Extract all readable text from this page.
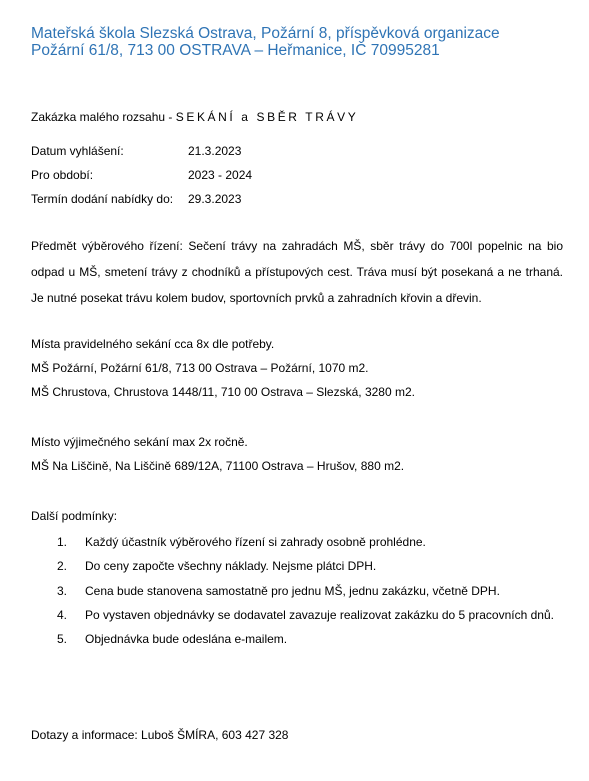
Mateřská škola Slezská Ostrava, Požární 8, příspěvková organizace
Požární 61/8, 713 00 OSTRAVA – Heřmanice, IČ 70995281
Zakázka malého rozsahu - SEKÁNÍ a SBĚR TRÁVY
Datum vyhlášení:	21.3.2023
Pro období:	2023 - 2024
Termín dodání nabídky do: 29.3.2023
Předmět výběrového řízení: Sečení trávy na zahradách MŠ, sběr trávy do 700l popelnic na bio odpad u MŠ, smetení trávy z chodníků a přístupových cest. Tráva musí být posekaná a ne trhaná. Je nutné posekat trávu kolem budov, sportovních prvků a zahradních křovin a dřevin.
Místa pravidelného sekání cca 8x dle potřeby.
MŠ Požární, Požární 61/8, 713 00 Ostrava – Požární, 1070 m2.
MŠ Chrustova, Chrustova 1448/11, 710 00 Ostrava – Slezská, 3280 m2.
Místo výjimečného sekání max 2x ročně.
MŠ Na Liščině, Na Liščině 689/12A, 71100 Ostrava – Hrušov, 880 m2.
Další podmínky:
1. Každý účastník výběrového řízení si zahrady osobně prohlédne.
2. Do ceny započte všechny náklady. Nejsme plátci DPH.
3. Cena bude stanovena samostatně pro jednu MŠ, jednu zakázku, včetně DPH.
4. Po vystaven objednávky se dodavatel zavazuje realizovat zakázku do 5 pracovních dnů.
5. Objednávka bude odeslána e-mailem.
Dotazy a informace: Luboš ŠMÍRA, 603 427 328
